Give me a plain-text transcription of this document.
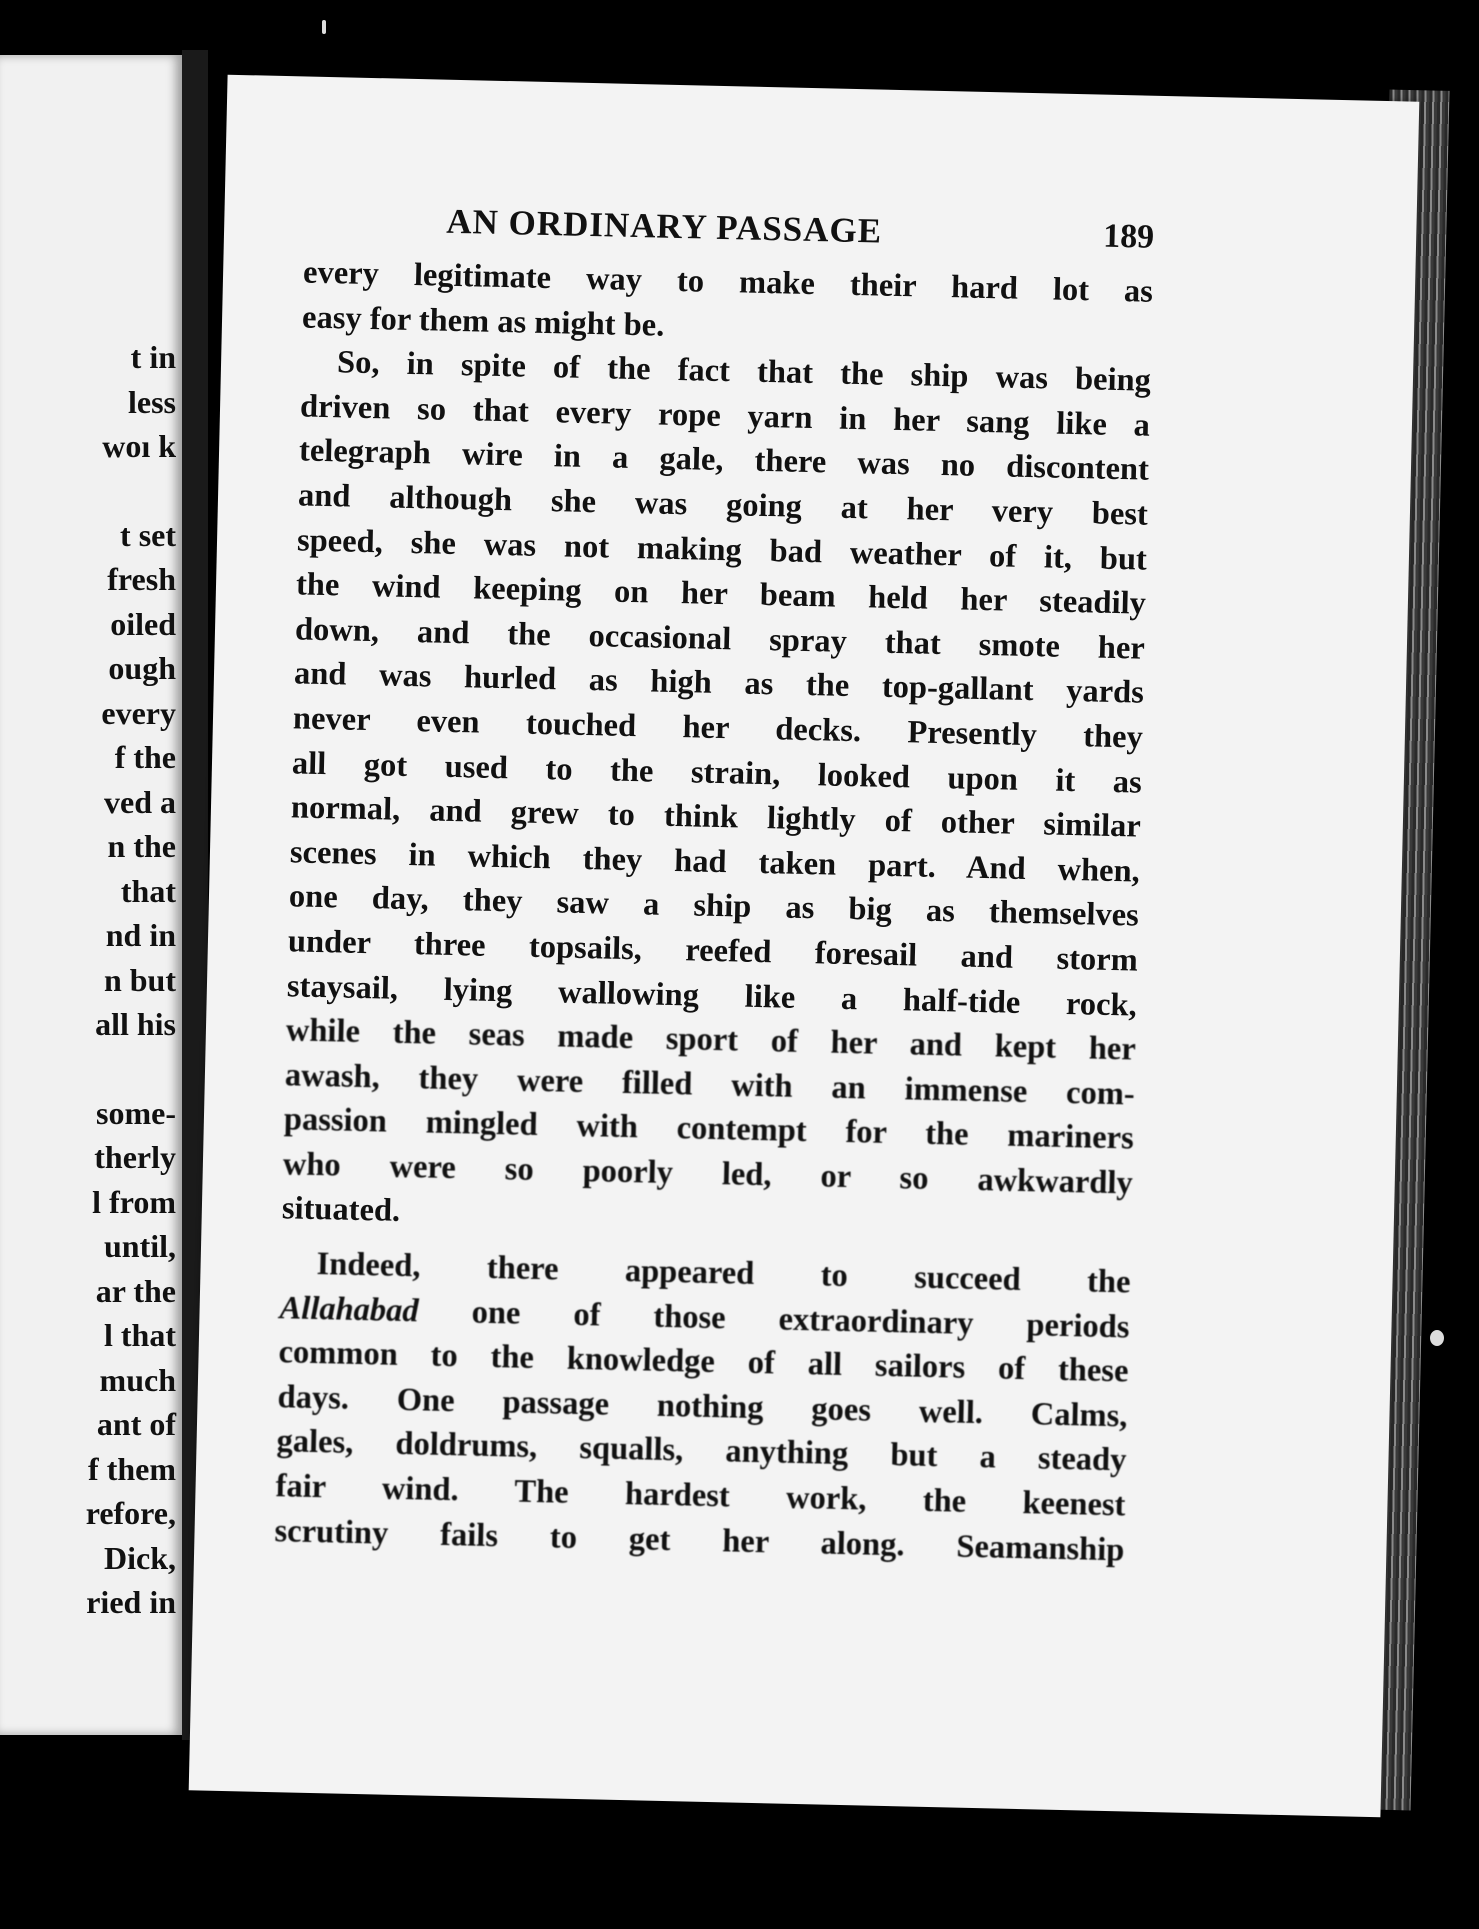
t in
less
woı k
t set
fresh
oiled
ough
every
f the
ved a
n the
that
nd in
n but
all his
some-
therly
l from
until,
ar the
l that
much
ant of
f them
refore,
Dick,
ried in
AN ORDINARY PASSAGE	189
every legitimate way to make their hard lot as
easy for them as might be.
So, in spite of the fact that the ship was being
driven so that every rope yarn in her sang like a
telegraph wire in a gale, there was no discontent
and although she was going at her very best
speed, she was not making bad weather of it, but
the wind keeping on her beam held her steadily
down, and the occasional spray that smote her
and was hurled as high as the top-gallant yards
never even touched her decks. Presently they
all got used to the strain, looked upon it as
normal, and grew to think lightly of other similar
scenes in which they had taken part. And when,
one day, they saw a ship as big as themselves
under three topsails, reefed foresail and storm
staysail, lying wallowing like a half-tide rock,
while the seas made sport of her and kept her
awash, they were filled with an immense com-
passion mingled with contempt for the mariners
who were so poorly led, or so awkwardly
situated.
Indeed, there appeared to succeed the
Allahabad one of those extraordinary periods
common to the knowledge of all sailors of these
days. One passage nothing goes well. Calms,
gales, doldrums, squalls, anything but a steady
fair wind. The hardest work, the keenest
scrutiny fails to get her along. Seamanship
